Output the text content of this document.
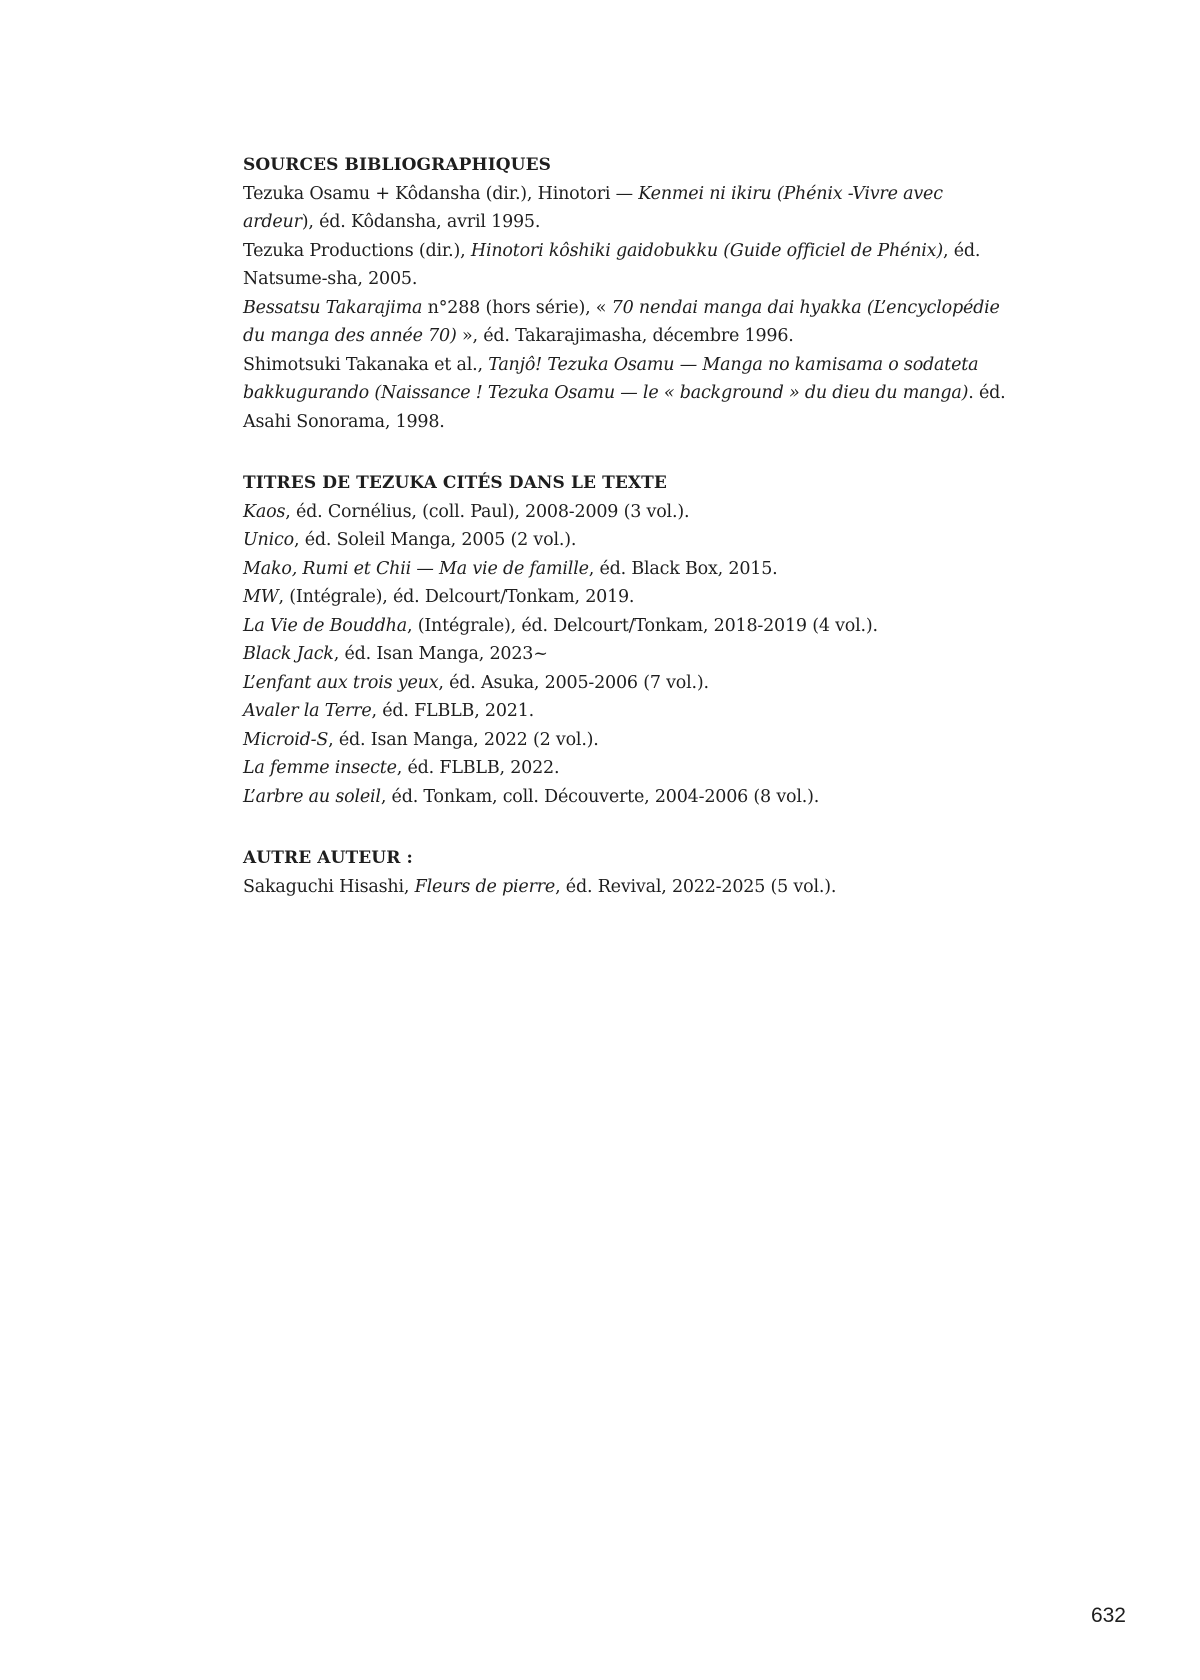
SOURCES BIBLIOGRAPHIQUES

Tezuka Osamu + Kôdansha (dir.), Hinotori — Kenmei ni ikiru (Phénix -Vivre avec ardeur), éd. Kôdansha, avril 1995.

Tezuka Productions (dir.), Hinotori kôshiki gaidobukku (Guide officiel de Phénix), éd. Natsume-sha, 2005.

Bessatsu Takarajima n°288 (hors série), « 70 nendai manga dai hyakka (L’encyclopédie du manga des année 70) », éd. Takarajimasha, décembre 1996.

Shimotsuki Takanaka et al., Tanjô! Tezuka Osamu — Manga no kamisama o sodateta bakkugurando (Naissance ! Tezuka Osamu — le « background » du dieu du manga). éd. Asahi Sonorama, 1998.

TITRES DE TEZUKA CITÉS DANS LE TEXTE

Kaos, éd. Cornélius, (coll. Paul), 2008-2009 (3 vol.).

Unico, éd. Soleil Manga, 2005 (2 vol.).

Mako, Rumi et Chii — Ma vie de famille, éd. Black Box, 2015.

MW, (Intégrale), éd. Delcourt/Tonkam, 2019.

La Vie de Bouddha, (Intégrale), éd. Delcourt/Tonkam, 2018-2019 (4 vol.).

Black Jack, éd. Isan Manga, 2023~

L’enfant aux trois yeux, éd. Asuka, 2005-2006 (7 vol.).

Avaler la Terre, éd. FLBLB, 2021.

Microid-S, éd. Isan Manga, 2022 (2 vol.).

La femme insecte, éd. FLBLB, 2022.

L’arbre au soleil, éd. Tonkam, coll. Découverte, 2004-2006 (8 vol.).

AUTRE AUTEUR :

Sakaguchi Hisashi, Fleurs de pierre, éd. Revival, 2022-2025 (5 vol.).

632
